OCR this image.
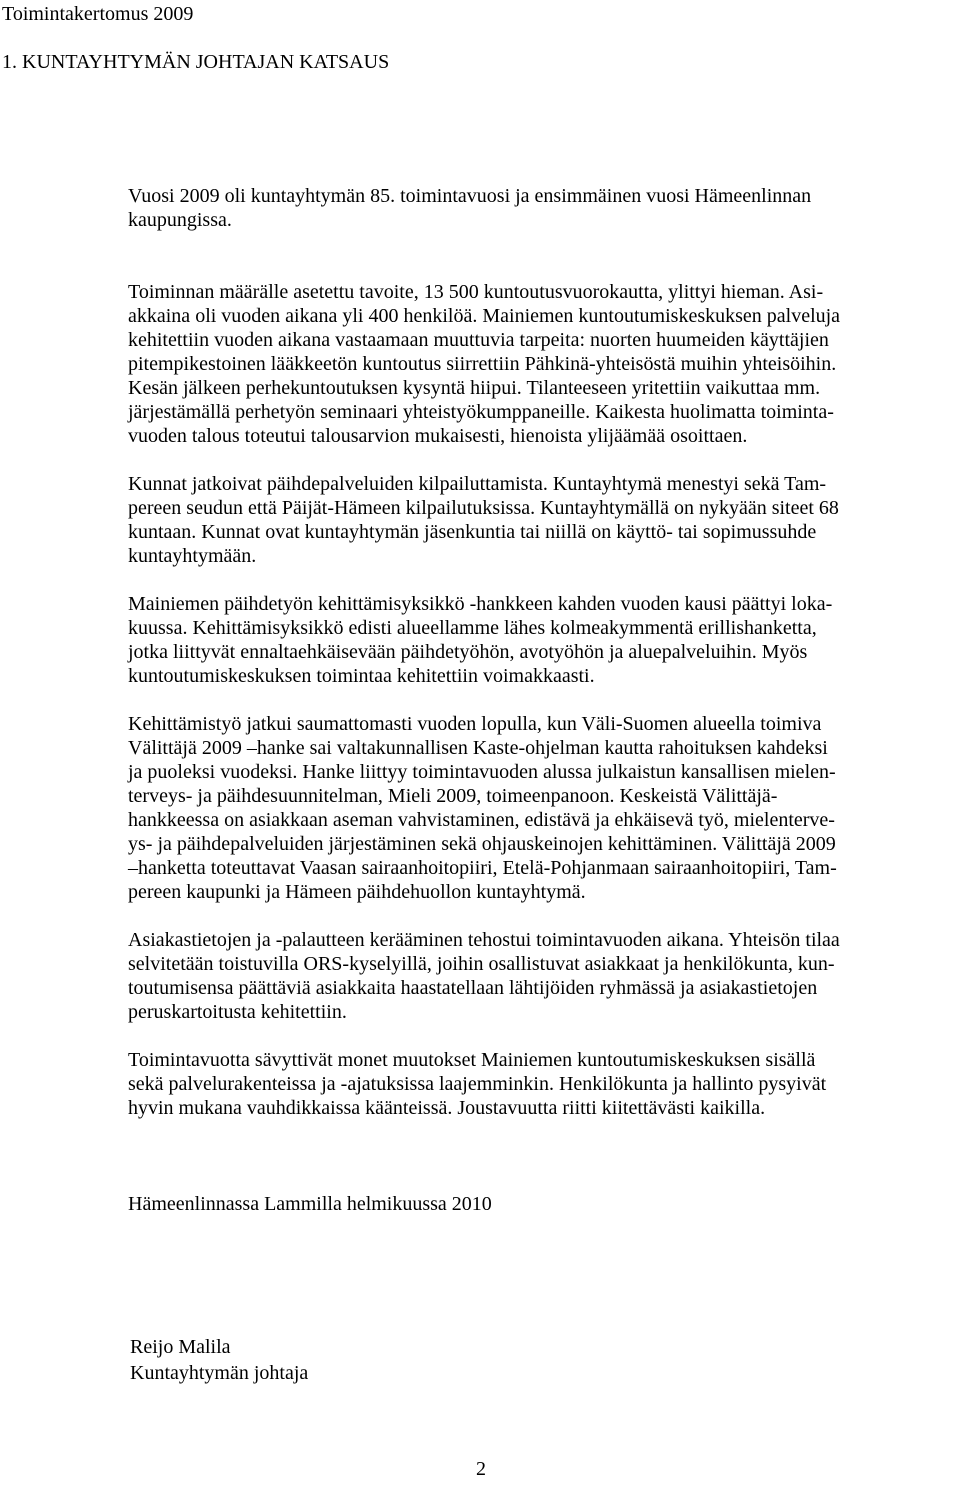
Toimintakertomus 2009
1. KUNTAYHTYMÄN JOHTAJAN KATSAUS

Vuosi 2009 oli kuntayhtymän 85. toimintavuosi ja ensimmäinen vuosi Hämeenlinnan
kaupungissa.

Toiminnan määrälle asetettu tavoite, 13 500 kuntoutusvuorokautta, ylittyi hieman. Asi-
akkaina oli vuoden aikana yli 400 henkilöä. Mainiemen kuntoutumiskeskuksen palveluja
kehitettiin vuoden aikana vastaamaan muuttuvia tarpeita: nuorten huumeiden käyttäjien
pitempikestoinen lääkkeetön kuntoutus siirrettiin Pähkinä-yhteisöstä muihin yhteisöihin.
Kesän jälkeen perhekuntoutuksen kysyntä hiipui. Tilanteeseen yritettiin vaikuttaa mm.
järjestämällä perhetyön seminaari yhteistyökumppaneille. Kaikesta huolimatta toiminta-
vuoden talous toteutui talousarvion mukaisesti, hienoista ylijäämää osoittaen.

Kunnat jatkoivat päihdepalveluiden kilpailuttamista. Kuntayhtymä menestyi sekä Tam-
pereen seudun että Päijät-Hämeen kilpailutuksissa. Kuntayhtymällä on nykyään siteet 68
kuntaan. Kunnat ovat kuntayhtymän jäsenkuntia tai niillä on käyttö- tai sopimussuhde
kuntayhtymään.

Mainiemen päihdetyön kehittämisyksikkö -hankkeen kahden vuoden kausi päättyi loka-
kuussa. Kehittämisyksikkö edisti alueellamme lähes kolmeakymmentä erillishanketta,
jotka liittyvät ennaltaehkäisevään päihdetyöhön, avotyöhön ja aluepalveluihin. Myös
kuntoutumiskeskuksen toimintaa kehitettiin voimakkaasti.

Kehittämistyö jatkui saumattomasti vuoden lopulla, kun Väli-Suomen alueella toimiva
Välittäjä 2009 –hanke sai valtakunnallisen Kaste-ohjelman kautta rahoituksen kahdeksi
ja puoleksi vuodeksi. Hanke liittyy toimintavuoden alussa julkaistun kansallisen mielen-
terveys- ja päihdesuunnitelman, Mieli 2009, toimeenpanoon. Keskeistä Välittäjä-
hankkeessa on asiakkaan aseman vahvistaminen, edistävä ja ehkäisevä työ, mielenterve-
ys- ja päihdepalveluiden järjestäminen sekä ohjauskeinojen kehittäminen. Välittäjä 2009
–hanketta toteuttavat Vaasan sairaanhoitopiiri, Etelä-Pohjanmaan sairaanhoitopiiri, Tam-
pereen kaupunki ja Hämeen päihdehuollon kuntayhtymä.

Asiakastietojen ja -palautteen kerääminen tehostui toimintavuoden aikana. Yhteisön tilaa
selvitetään toistuvilla ORS-kyselyillä, joihin osallistuvat asiakkaat ja henkilökunta, kun-
toutumisensa päättäviä asiakkaita haastatellaan lähtijöiden ryhmässä ja asiakastietojen
peruskartoitusta kehitettiin.

Toimintavuotta sävyttivät monet muutokset Mainiemen kuntoutumiskeskuksen sisällä
sekä palvelurakenteissa ja -ajatuksissa laajemminkin. Henkilökunta ja hallinto pysyivät
hyvin mukana vauhdikkaissa käänteissä. Joustavuutta riitti kiitettävästi kaikilla.

Hämeenlinnassa Lammilla helmikuussa 2010

Reijo Malila
Kuntayhtymän johtaja
2
